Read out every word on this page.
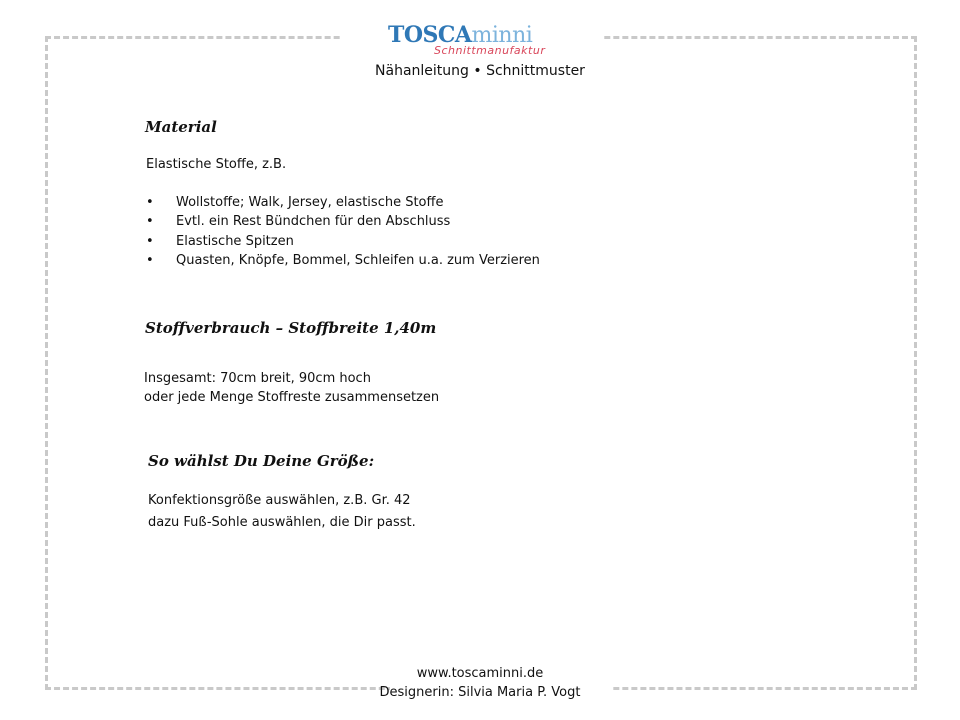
TOSCAminni
Schnittmanufaktur
Nähanleitung • Schnittmuster
Material
Elastische Stoffe, z.B.
• Wollstoffe; Walk, Jersey, elastische Stoffe
• Evtl. ein Rest Bündchen für den Abschluss
• Elastische Spitzen
• Quasten, Knöpfe, Bommel, Schleifen u.a. zum Verzieren
Stoffverbrauch – Stoffbreite 1,40m
Insgesamt: 70cm breit, 90cm hoch
oder jede Menge Stoffreste zusammensetzen
So wählst Du Deine Größe:
Konfektionsgröße auswählen, z.B. Gr. 42
dazu Fuß-Sohle auswählen, die Dir passt.
www.toscaminni.de
Designerin: Silvia Maria P. Vogt
